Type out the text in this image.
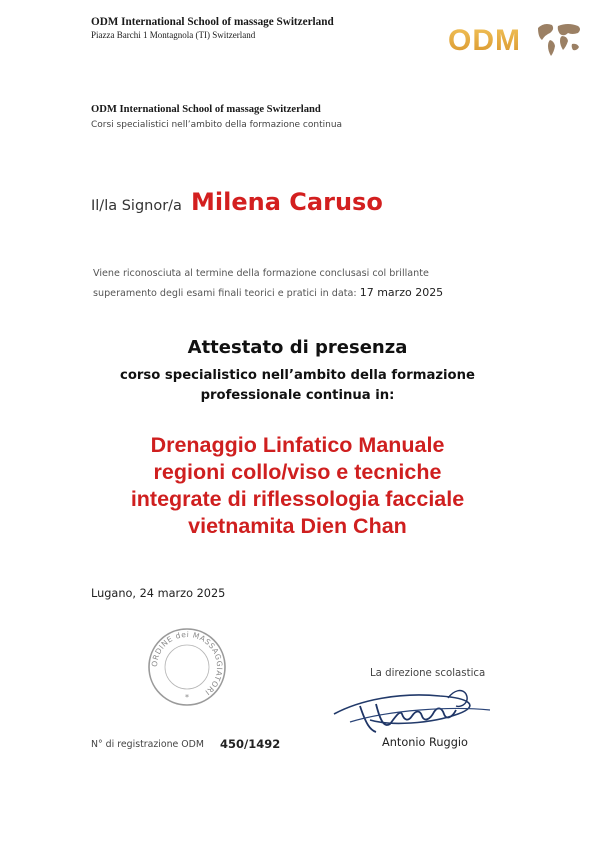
ODM International School of massage Switzerland
Piazza Barchi 1 Montagnola (TI) Switzerland	ODM
ODM International School of massage Switzerland
Corsi specialistici nell’ambito della formazione continua
Il/la Signor/a Milena Caruso
Viene riconosciuta al termine della formazione conclusasi col brillante
superamento degli esami finali teorici e pratici in data: 17 marzo 2025
Attestato di presenza
corso specialistico nell’ambito della formazione
professionale continua in:
Drenaggio Linfatico Manuale
regioni collo/viso e tecniche
integrate di riflessologia facciale
vietnamita Dien Chan
Lugano, 24 marzo 2025
ORDINE dei MASSAGGIATORI
*
La direzione scolastica
Antonio Ruggio
N° di registrazione ODM 450/1492
